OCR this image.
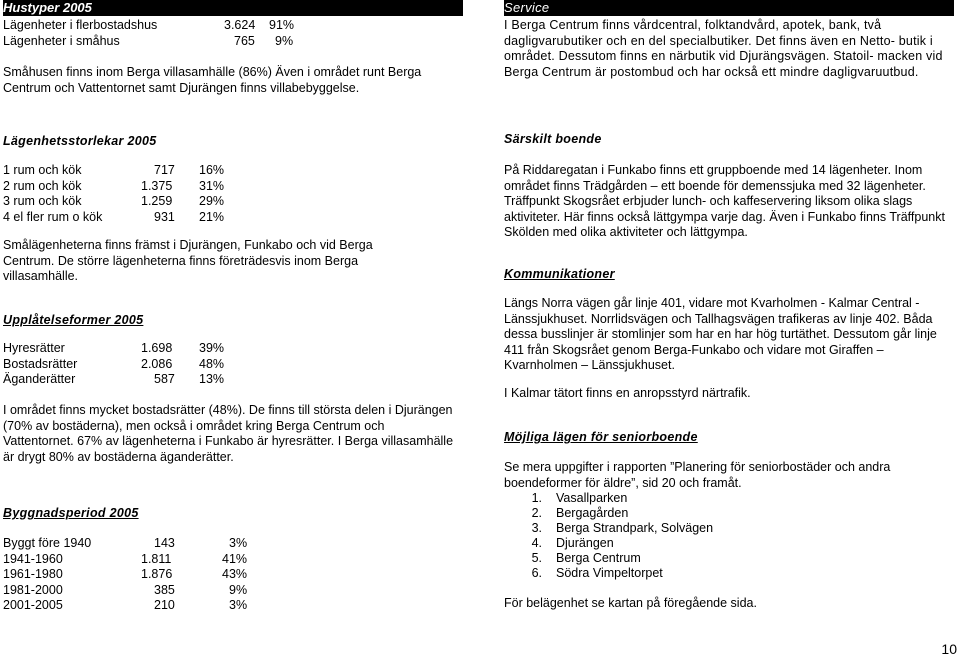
Hustyper 2005
Lägenheter i flerbostadshus	3.624 91%
Lägenheter i småhus	765 9%

Småhusen finns inom Berga villasamhälle (86%) Även i området runt Berga Centrum och Vattentornet samt Djurängen finns villabebyggelse.

Lägenhetsstorlekar 2005
1 rum och kök	717 16%
2 rum och kök	1.375 31%
3 rum och kök	1.259 29%
4 el fler rum o kök	931 21%

Smålägenheterna finns främst i Djurängen, Funkabo och vid Berga Centrum. De större lägenheterna finns företrädesvis inom Berga villasamhälle.

Upplåtelseformer 2005
Hyresrätter	1.698 39%
Bostadsrätter	2.086 48%
Äganderätter	587 13%

I området finns mycket bostadsrätter (48%). De finns till största delen i Djurängen (70% av bostäderna), men också i området kring Berga Centrum och Vattentornet. 67% av lägenheterna i Funkabo är hyresrätter. I Berga villasamhälle är drygt 80% av bostäderna äganderätter.

Byggnadsperiod 2005
Byggt före 1940	143	3%
1941-1960	1.811	41%
1961-1980	1.876	43%
1981-2000	385	9%
2001-2005	210	3%
Service

I Berga Centrum finns vårdcentral, folktandvård, apotek, bank, två dagligvarubutiker och en del specialbutiker. Det finns även en Netto- butik i området. Dessutom finns en närbutik vid Djurängsvägen. Statoil- macken vid Berga Centrum är postombud och har också ett mindre dagligvaruutbud.

Särskilt boende

På Riddaregatan i Funkabo finns ett gruppboende med 14 lägenheter. Inom området finns Trädgården – ett boende för demenssjuka med 32 lägenheter. Träffpunkt Skogsrået erbjuder lunch- och kaffeservering liksom olika slags aktiviteter. Här finns också lättgympa varje dag. Även i Funkabo finns Träffpunkt Skölden med olika aktiviteter och lättgympa.

Kommunikationer

Längs Norra vägen går linje 401, vidare mot Kvarholmen - Kalmar Central - Länssjukhuset. Norrlidsvägen och Tallhagsvägen trafikeras av linje 402. Båda dessa busslinjer är stomlinjer som har en har hög turtäthet. Dessutom går linje 411 från Skogsrået genom Berga-Funkabo och vidare mot Giraffen – Kvarnholmen – Länssjukhuset.

I Kalmar tätort finns en anropsstyrd närtrafik.

Möjliga lägen för seniorboende

Se mera uppgifter i rapporten ”Planering för seniorbostäder och andra boendeformer för äldre”, sid 20 och framåt.

1. Vasallparken
2. Bergagården
3. Berga Strandpark, Solvägen
4. Djurängen
5. Berga Centrum
6. Södra Vimpeltorpet

För belägenhet se kartan på föregående sida.

10
